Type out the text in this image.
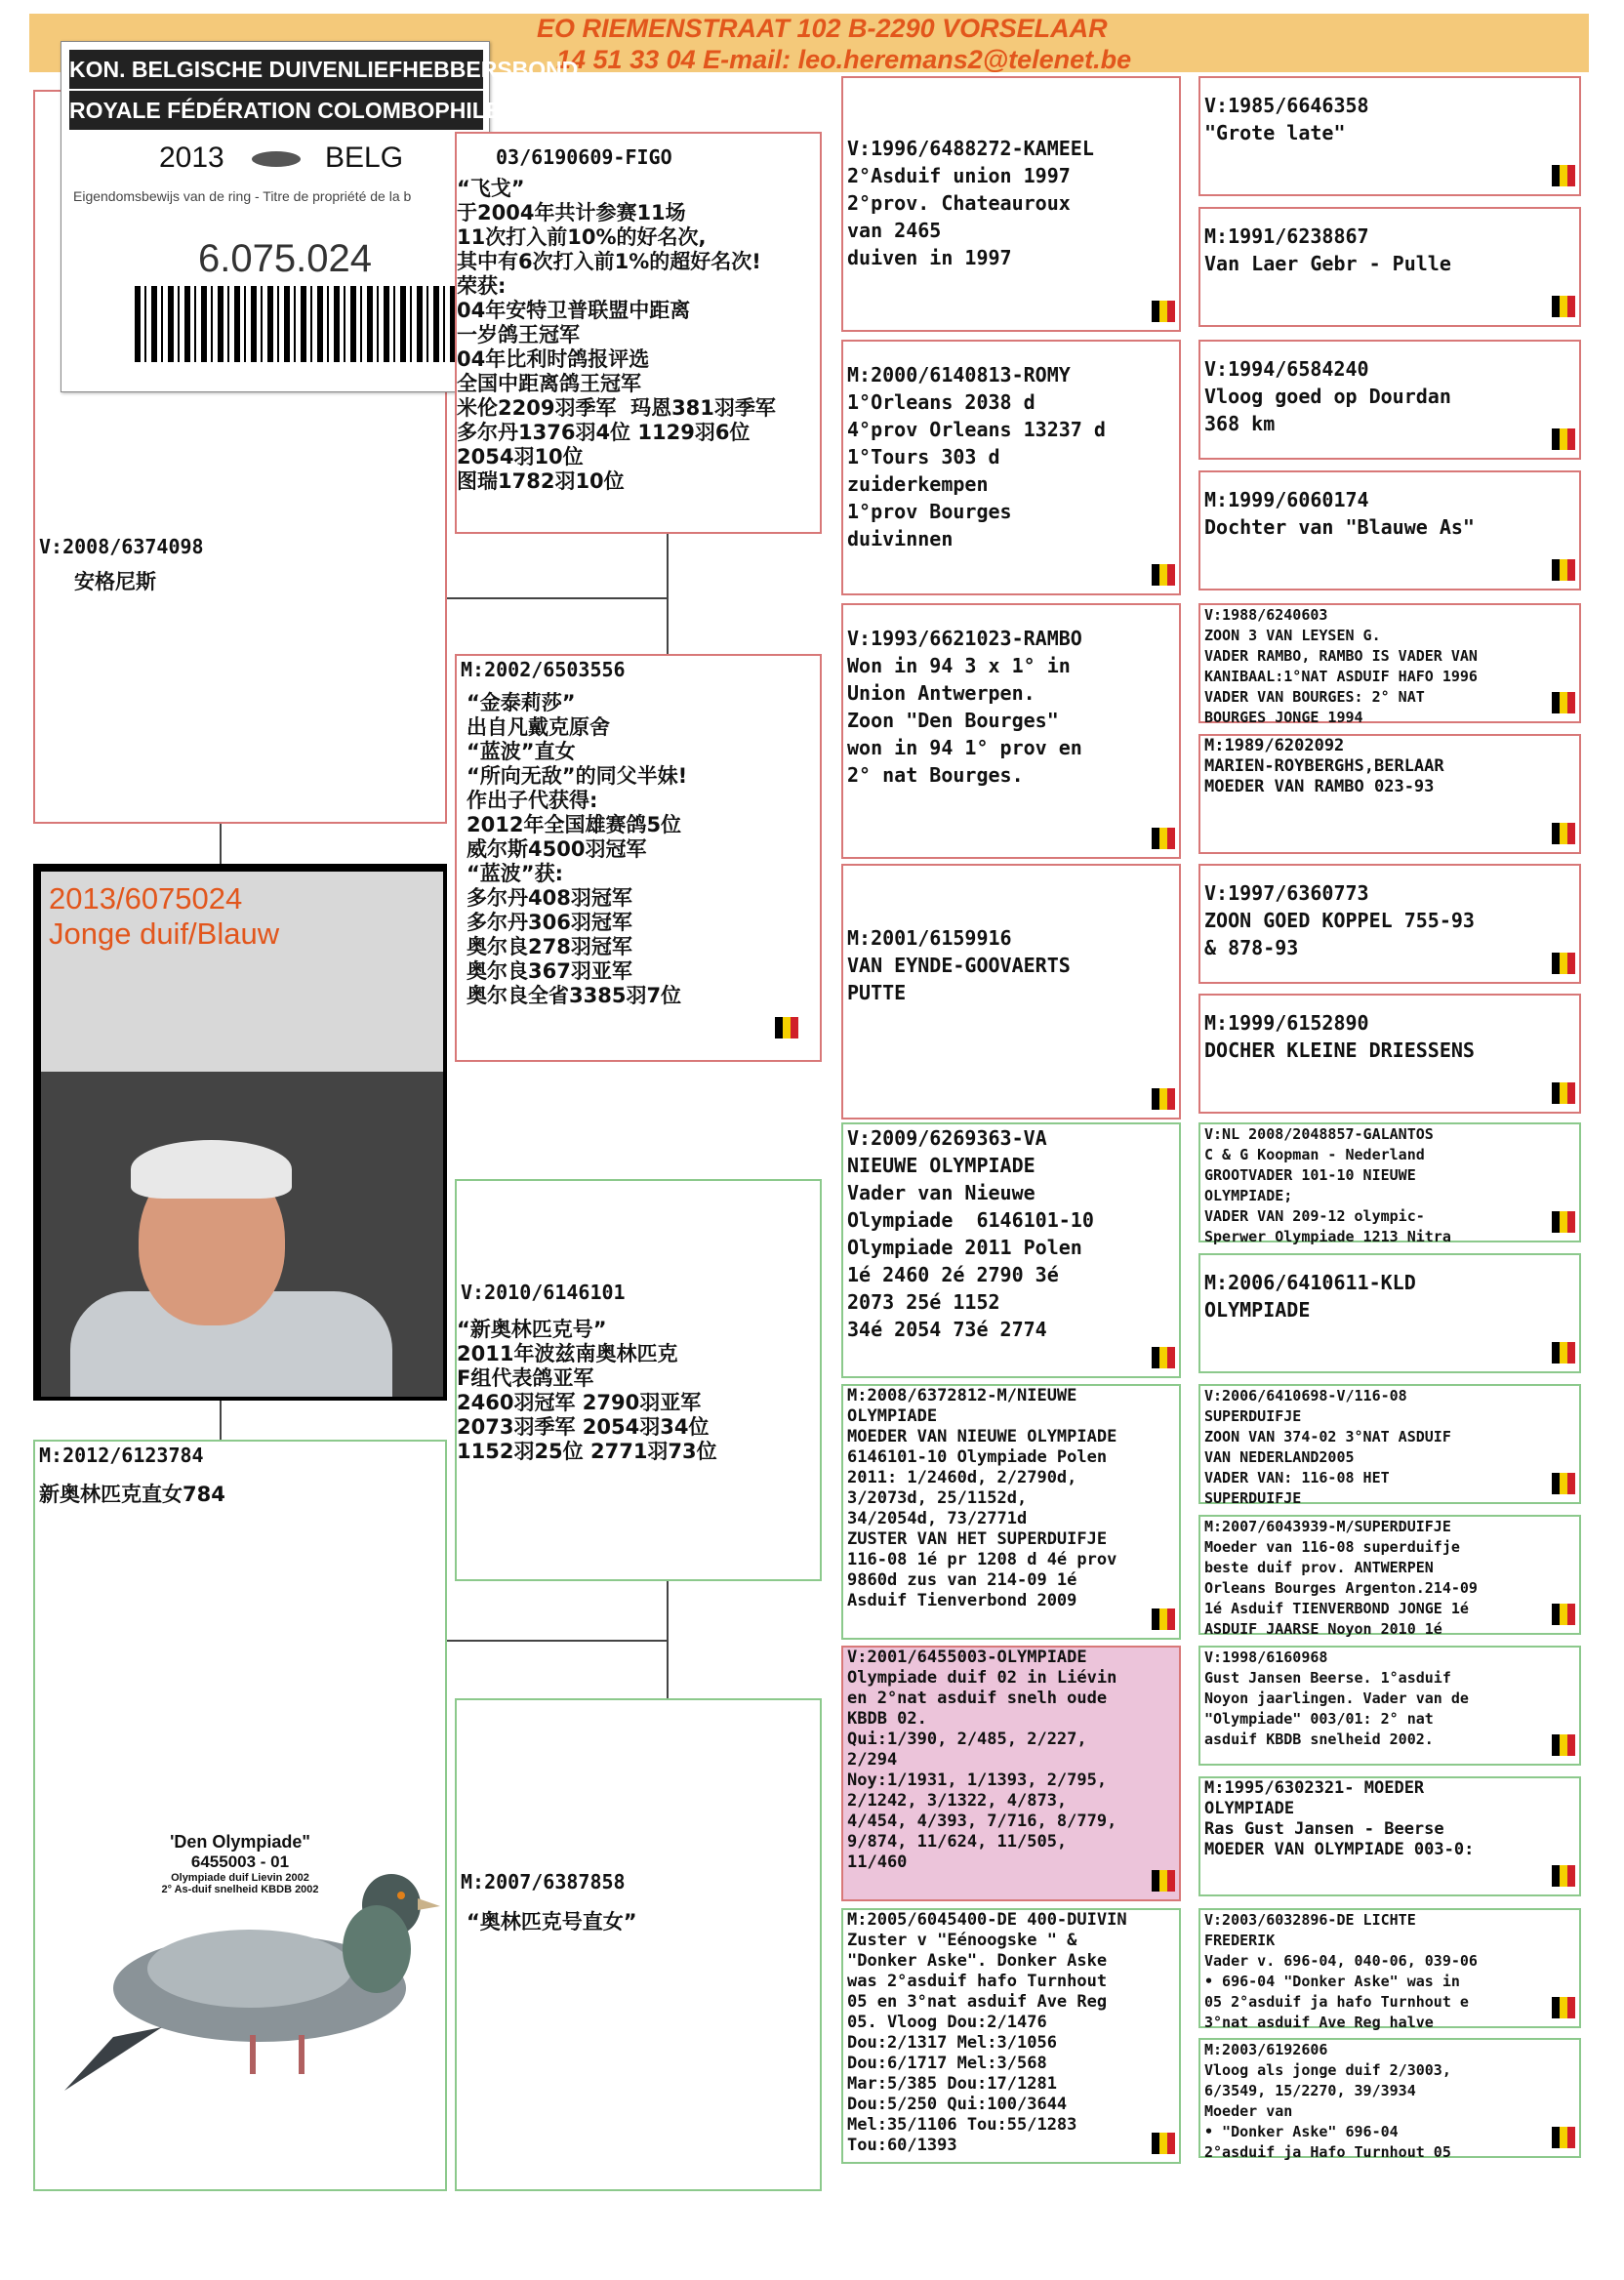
EO RIEMENSTRAAT 102 B-2290 VORSELAAR
14 51 33 04 E-mail: leo.heremans2@telenet.be
V:2008/6374098
安格尼斯
KON. BELGISCHE DUIVENLIEFHEBBERSBOND
ROYALE FÉDÉRATION COLOMBOPHILE BELGE
2013	BELG
Eigendomsbewijs van de ring - Titre de propriété de la b
6.075.024
2013/6075024
Jonge duif/Blauw
M:2012/6123784
新奥林匹克直女784
'Den Olympiade"
6455003 - 01
Olympiade duif Lievin 2002
2° As-duif snelheid KBDB 2002
03/6190609-FIGO
“飞戈”
于2004年共计参赛11场
11次打入前10%的好名次,
其中有6次打入前1%的超好名次!
荣获:
04年安特卫普联盟中距离
一岁鸽王冠军
04年比利时鸽报评选
全国中距离鸽王冠军
米伦2209羽季军  玛恩381羽季军
多尔丹1376羽4位 1129羽6位
2054羽10位
图瑞1782羽10位
M:2002/6503556
“金泰莉莎”
出自凡戴克原舍
“蓝波”直女
“所向无敌”的同父半妹!
作出子代获得:
2012年全国雄赛鸽5位
威尔斯4500羽冠军
“蓝波”获:
多尔丹408羽冠军
多尔丹306羽冠军
奥尔良278羽冠军
奥尔良367羽亚军
奥尔良全省3385羽7位
V:2010/6146101
“新奥林匹克号”
2011年波兹南奥林匹克
F组代表鸽亚军
2460羽冠军 2790羽亚军
2073羽季军 2054羽34位
1152羽25位 2771羽73位
M:2007/6387858
“奥林匹克号直女”
V:1996/6488272-KAMEEL
2°Asduif union 1997
2°prov. Chateauroux
van 2465
duiven in 1997
M:2000/6140813-ROMY
1°Orleans 2038 d
4°prov Orleans 13237 d
1°Tours 303 d
zuiderkempen
1°prov Bourges
duivinnen
V:1993/6621023-RAMBO
Won in 94 3 x 1° in
Union Antwerpen.
Zoon "Den Bourges"
won in 94 1° prov en
2° nat Bourges.
M:2001/6159916
VAN EYNDE-GOOVAERTS
PUTTE
V:2009/6269363-VA
NIEUWE OLYMPIADE
Vader van Nieuwe
Olympiade  6146101-10
Olympiade 2011 Polen
1é 2460 2é 2790 3é
2073 25é 1152
34é 2054 73é 2774
M:2008/6372812-M/NIEUWE
OLYMPIADE
MOEDER VAN NIEUWE OLYMPIADE
6146101-10 Olympiade Polen
2011: 1/2460d, 2/2790d,
3/2073d, 25/1152d,
34/2054d, 73/2771d
ZUSTER VAN HET SUPERDUIFJE
116-08 1é pr 1208 d 4é prov
9860d zus van 214-09 1é
Asduif Tienverbond 2009
V:2001/6455003-OLYMPIADE
Olympiade duif 02 in Liévin
en 2°nat asduif snelh oude
KBDB 02.
Qui:1/390, 2/485, 2/227,
2/294
Noy:1/1931, 1/1393, 2/795,
2/1242, 3/1322, 4/873,
4/454, 4/393, 7/716, 8/779,
9/874, 11/624, 11/505,
11/460
M:2005/6045400-DE 400-DUIVIN
Zuster v "Eénoogske " &
"Donker Aske". Donker Aske
was 2°asduif hafo Turnhout
05 en 3°nat asduif Ave Reg
05. Vloog Dou:2/1476
Dou:2/1317 Mel:3/1056
Dou:6/1717 Mel:3/568
Mar:5/385 Dou:17/1281
Dou:5/250 Qui:100/3644
Mel:35/1106 Tou:55/1283
Tou:60/1393
V:1985/6646358
"Grote late"
M:1991/6238867
Van Laer Gebr - Pulle
V:1994/6584240
Vloog goed op Dourdan
368 km
M:1999/6060174
Dochter van "Blauwe As"
V:1988/6240603
ZOON 3 VAN LEYSEN G.
VADER RAMBO, RAMBO IS VADER VAN
KANIBAAL:1°NAT ASDUIF HAFO 1996
VADER VAN BOURGES: 2° NAT
BOURGES JONGE 1994
M:1989/6202092
MARIEN-ROYBERGHS,BERLAAR
MOEDER VAN RAMBO 023-93
V:1997/6360773
ZOON GOED KOPPEL 755-93
& 878-93
M:1999/6152890
DOCHER KLEINE DRIESSENS
V:NL 2008/2048857-GALANTOS
C & G Koopman - Nederland
GROOTVADER 101-10 NIEUWE
OLYMPIADE;
VADER VAN 209-12 olympic-
Sperwer Olympiade 1213 Nitra
M:2006/6410611-KLD
OLYMPIADE
V:2006/6410698-V/116-08
SUPERDUIFJE
ZOON VAN 374-02 3°NAT ASDUIF
VAN NEDERLAND2005
VADER VAN: 116-08 HET
SUPERDUIFJE
M:2007/6043939-M/SUPERDUIFJE
Moeder van 116-08 superduifje
beste duif prov. ANTWERPEN
Orleans Bourges Argenton.214-09
1é Asduif TIENVERBOND JONGE 1é
ASDUIF JAARSE Noyon 2010 1é
V:1998/6160968
Gust Jansen Beerse. 1°asduif
Noyon jaarlingen. Vader van de
"Olympiade" 003/01: 2° nat
asduif KBDB snelheid 2002.
M:1995/6302321- MOEDER
OLYMPIADE
Ras Gust Jansen - Beerse
MOEDER VAN OLYMPIADE 003-0:
V:2003/6032896-DE LICHTE
FREDERIK
Vader v. 696-04, 040-06, 039-06
• 696-04 "Donker Aske" was in
05 2°asduif ja hafo Turnhout e
3°nat asduif Ave Reg halve
M:2003/6192606
Vloog als jonge duif 2/3003,
6/3549, 15/2270, 39/3934
Moeder van
• "Donker Aske" 696-04
2°asduif ja Hafo Turnhout 05
